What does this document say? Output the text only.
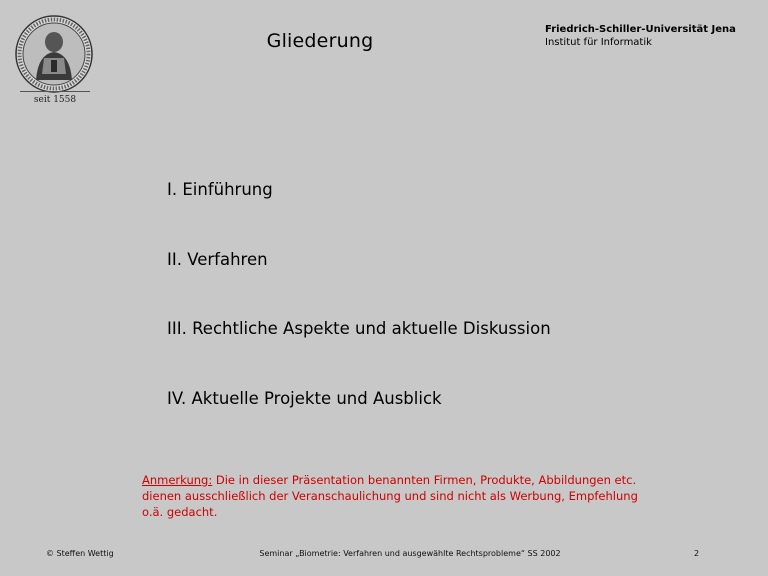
seit 1558
Gliederung
Friedrich-Schiller-Universität Jena
Institut für Informatik
I. Einführung
II. Verfahren
III. Rechtliche Aspekte und aktuelle Diskussion
IV. Aktuelle Projekte und Ausblick
Anmerkung: Die in dieser Präsentation benannten Firmen, Produkte, Abbildungen etc. dienen ausschließlich der Veranschaulichung und sind nicht als Werbung, Empfehlung o.ä. gedacht.
© Steffen Wettig	Seminar „Biometrie: Verfahren und ausgewählte Rechtsprobleme“ SS 2002	2
